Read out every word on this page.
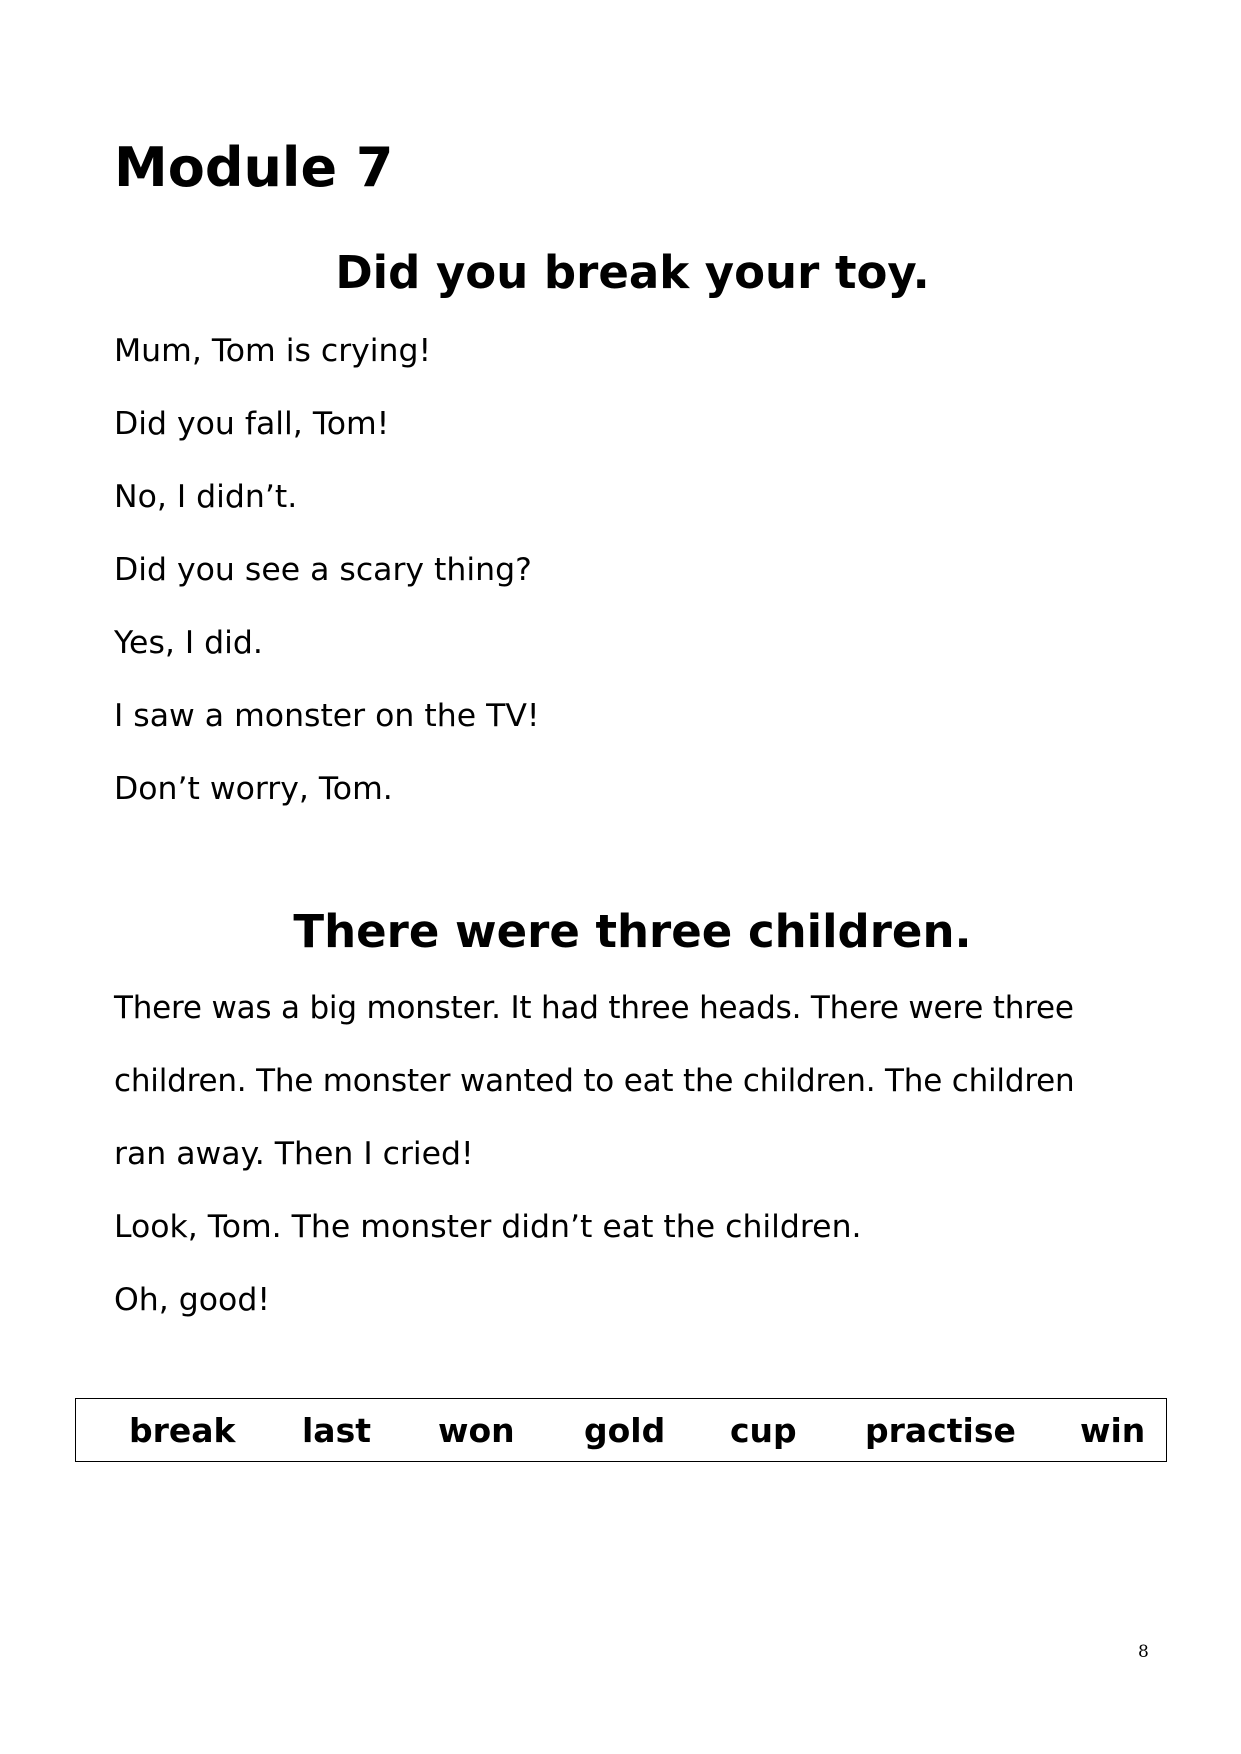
Module 7
Did you break your toy.

Mum, Tom is crying!

Did you fall, Tom!

No, I didn’t.

Did you see a scary thing?

Yes, I did.

I saw a monster on the TV!

Don’t worry, Tom.

There were three children.

There was a big monster. It had three heads. There were three

children. The monster wanted to eat the children. The children

ran away. Then I cried!

Look, Tom. The monster didn’t eat the children.

Oh, good!

break last won gold cup practise win
8
